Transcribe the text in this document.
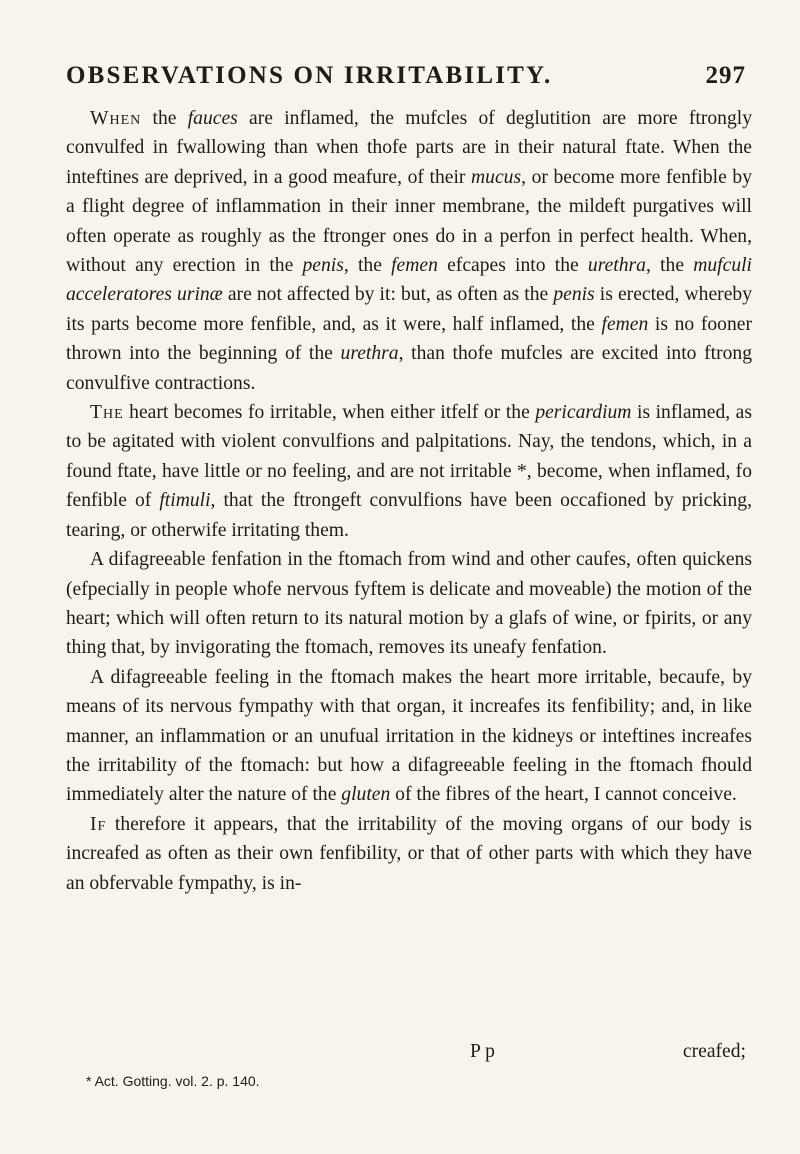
OBSERVATIONS ON IRRITABILITY.	297

When the fauces are inflamed, the mufcles of deglutition are more ftrongly convulfed in fwallowing than when thofe parts are in their natural ftate. When the inteftines are deprived, in a good meafure, of their mucus, or become more fenfible by a flight degree of inflammation in their inner membrane, the mildeft purgatives will often operate as roughly as the ftronger ones do in a perfon in perfect health. When, without any erection in the penis, the femen efcapes into the urethra, the mufculi acceleratores urinæ are not affected by it: but, as often as the penis is erected, whereby its parts become more fenfible, and, as it were, half inflamed, the femen is no fooner thrown into the beginning of the urethra, than thofe mufcles are excited into ftrong convulfive contractions.

The heart becomes fo irritable, when either itfelf or the pericardium is inflamed, as to be agitated with violent convulfions and palpitations. Nay, the tendons, which, in a found ftate, have little or no feeling, and are not irritable *, become, when inflamed, fo fenfible of ftimuli, that the ftrongeft convulfions have been occafioned by pricking, tearing, or otherwife irritating them.

A difagreeable fenfation in the ftomach from wind and other caufes, often quickens (efpecially in people whofe nervous fyftem is delicate and moveable) the motion of the heart; which will often return to its natural motion by a glafs of wine, or fpirits, or any thing that, by invigorating the ftomach, removes its uneafy fenfation.

A difagreeable feeling in the ftomach makes the heart more irritable, becaufe, by means of its nervous fympathy with that organ, it increafes its fenfibility; and, in like manner, an inflammation or an unufual irritation in the kidneys or inteftines increafes the irritability of the ftomach: but how a difagreeable feeling in the ftomach fhould immediately alter the nature of the gluten of the fibres of the heart, I cannot conceive.

If therefore it appears, that the irritability of the moving organs of our body is increafed as often as their own fenfibility, or that of other parts with which they have an obfervable fympathy, is in-

P p	creafed;
* Act. Gotting. vol. 2. p. 140.
